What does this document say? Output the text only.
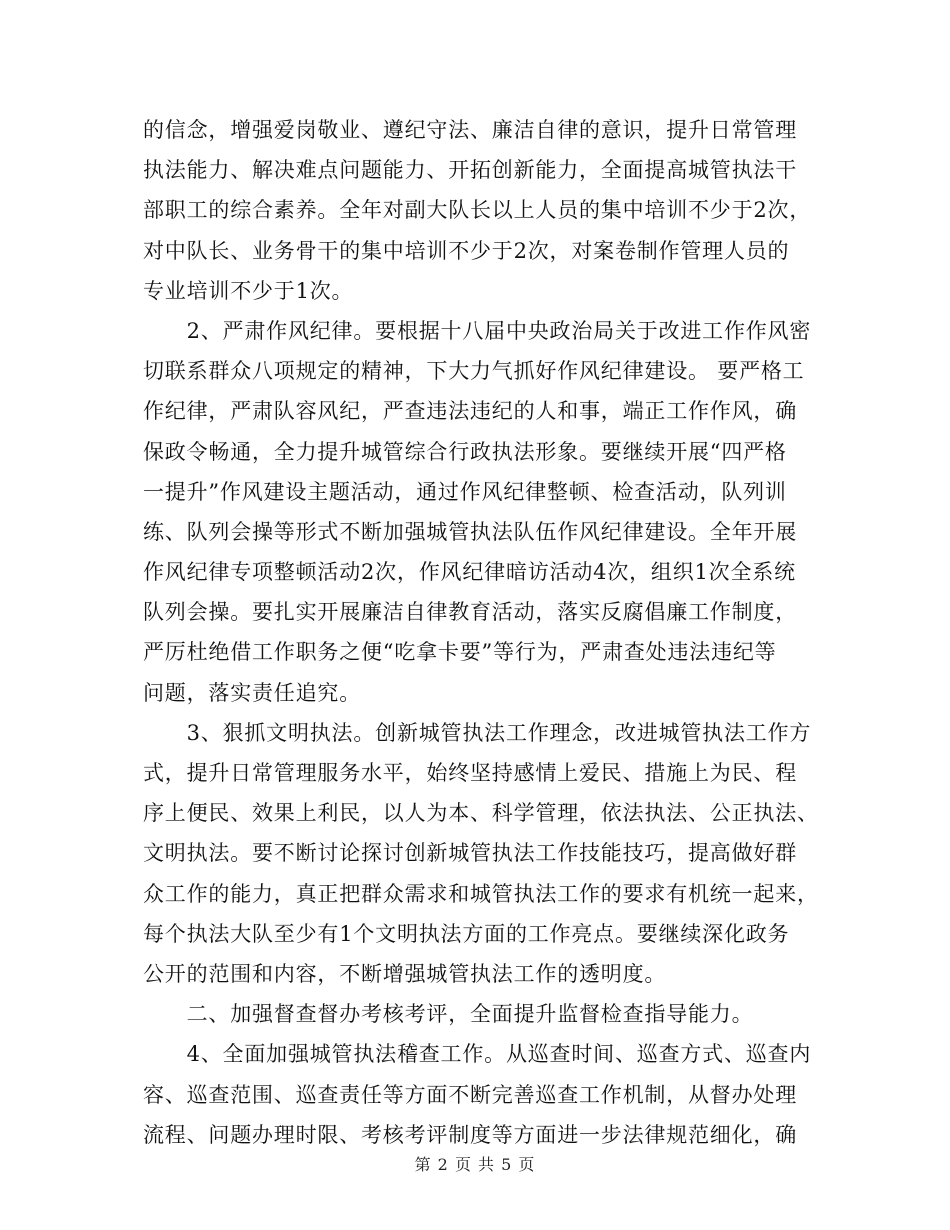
的信念，增强爱岗敬业、遵纪守法、廉洁自律的意识，提升日常管理
执法能力、解决难点问题能力、开拓创新能力，全面提高城管执法干
部职工的综合素养。全年对副大队长以上人员的集中培训不少于2次，
对中队长、业务骨干的集中培训不少于2次，对案卷制作管理人员的
专业培训不少于1次。
　　2、严肃作风纪律。要根据十八届中央政治局关于改进工作作风密
切联系群众八项规定的精神，下大力气抓好作风纪律建设。 要严格工
作纪律，严肃队容风纪，严查违法违纪的人和事，端正工作作风，确
保政令畅通，全力提升城管综合行政执法形象。要继续开展“四严格
一提升”作风建设主题活动，通过作风纪律整顿、检查活动，队列训
练、队列会操等形式不断加强城管执法队伍作风纪律建设。全年开展
作风纪律专项整顿活动2次，作风纪律暗访活动4次，组织1次全系统
队列会操。要扎实开展廉洁自律教育活动，落实反腐倡廉工作制度，
严厉杜绝借工作职务之便“吃拿卡要”等行为，严肃查处违法违纪等
问题，落实责任追究。
　　3、狠抓文明执法。创新城管执法工作理念，改进城管执法工作方
式，提升日常管理服务水平，始终坚持感情上爱民、措施上为民、程
序上便民、效果上利民，以人为本、科学管理，依法执法、公正执法、
文明执法。要不断讨论探讨创新城管执法工作技能技巧，提高做好群
众工作的能力，真正把群众需求和城管执法工作的要求有机统一起来，
每个执法大队至少有1个文明执法方面的工作亮点。要继续深化政务
公开的范围和内容，不断增强城管执法工作的透明度。
　　二、加强督查督办考核考评，全面提升监督检查指导能力。
　　4、全面加强城管执法稽查工作。从巡查时间、巡查方式、巡查内
容、巡查范围、巡查责任等方面不断完善巡查工作机制，从督办处理
流程、问题办理时限、考核考评制度等方面进一步法律规范细化，确
第 2 页 共 5 页
